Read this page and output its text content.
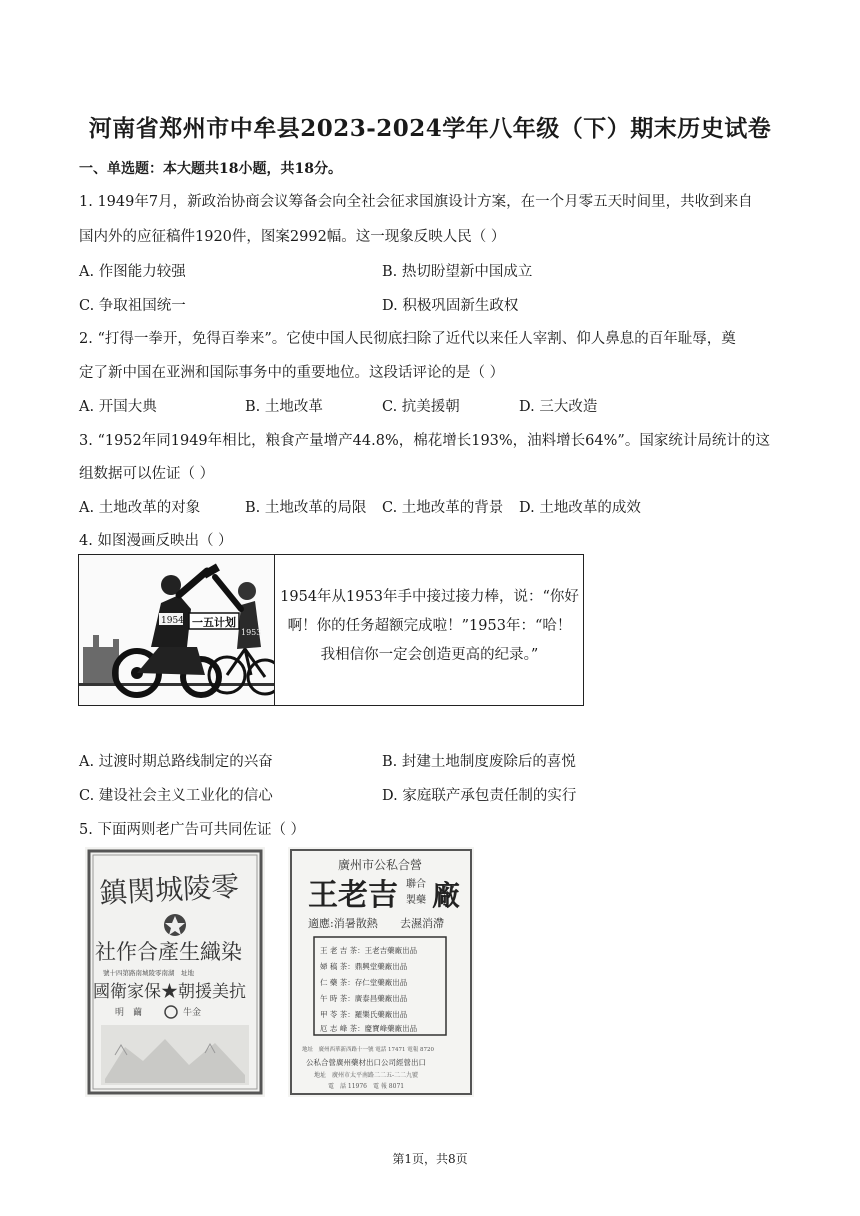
河南省郑州市中牟县2023-2024学年八年级（下）期末历史试卷
一、单选题：本大题共18小题，共18分。
1. 1949年7月，新政治协商会议筹备会向全社会征求国旗设计方案，在一个月零五天时间里，共收到来自
国内外的应征稿件1920件，图案2992幅。这一现象反映人民（ ）
A. 作图能力较强	B. 热切盼望新中国成立
C. 争取祖国统一	D. 积极巩固新生政权
2. “打得一拳开，免得百拳来”。它使中国人民彻底扫除了近代以来任人宰割、仰人鼻息的百年耻辱，奠
定了新中国在亚洲和国际事务中的重要地位。这段话评论的是（ ）
A. 开国大典	B. 土地改革	C. 抗美援朝	D. 三大改造
3. “1952年同1949年相比，粮食产量增产44.8%，棉花增长193%，油料增长64%”。国家统计局统计的这
组数据可以佐证（ ）
A. 土地改革的对象	B. 土地改革的局限 C. 土地改革的背景 D. 土地改革的成效
4. 如图漫画反映出（ ）
1954 一五计划
1953
1954年从1953年手中接过接力棒，说：“你好
啊！你的任务超额完成啦！”1953年：“哈！
我相信你一定会创造更高的纪录。”
A. 过渡时期总路线制定的兴奋	B. 封建土地制度废除后的喜悦
C. 建设社会主义工业化的信心	D. 家庭联产承包责任制的实行
5. 下面两则老广告可共同佐证（ ）
鎮関城陵零
社作合產生織染
號十四第路南城陵零南湖　址地
國衛家保★朝援美抗
明　繭	牛金
廣州市公私合營
王老吉 聯合
製藥 廠
適應:消暑散熱 去濕消滯
王 老 吉 茶：王老吉藥廠出品
婦 稿 茶：鼎興堂藥廠出品
仁 藥 茶：存仁堂藥廠出品
午 時 茶：廣泰昌藥廠出品
甲 苓 茶：羅樂氏藥廠出品
厄 志 峰 茶：慶寶峰藥廠出品
地址　廣州西華新西路十一號 電話 17471 電報 8720
公私合營廣州藥材出口公司經營出口
地址　廣州市太平南路二二五-二二九號
電　話 11976　電 報 8071
第1页，共8页
